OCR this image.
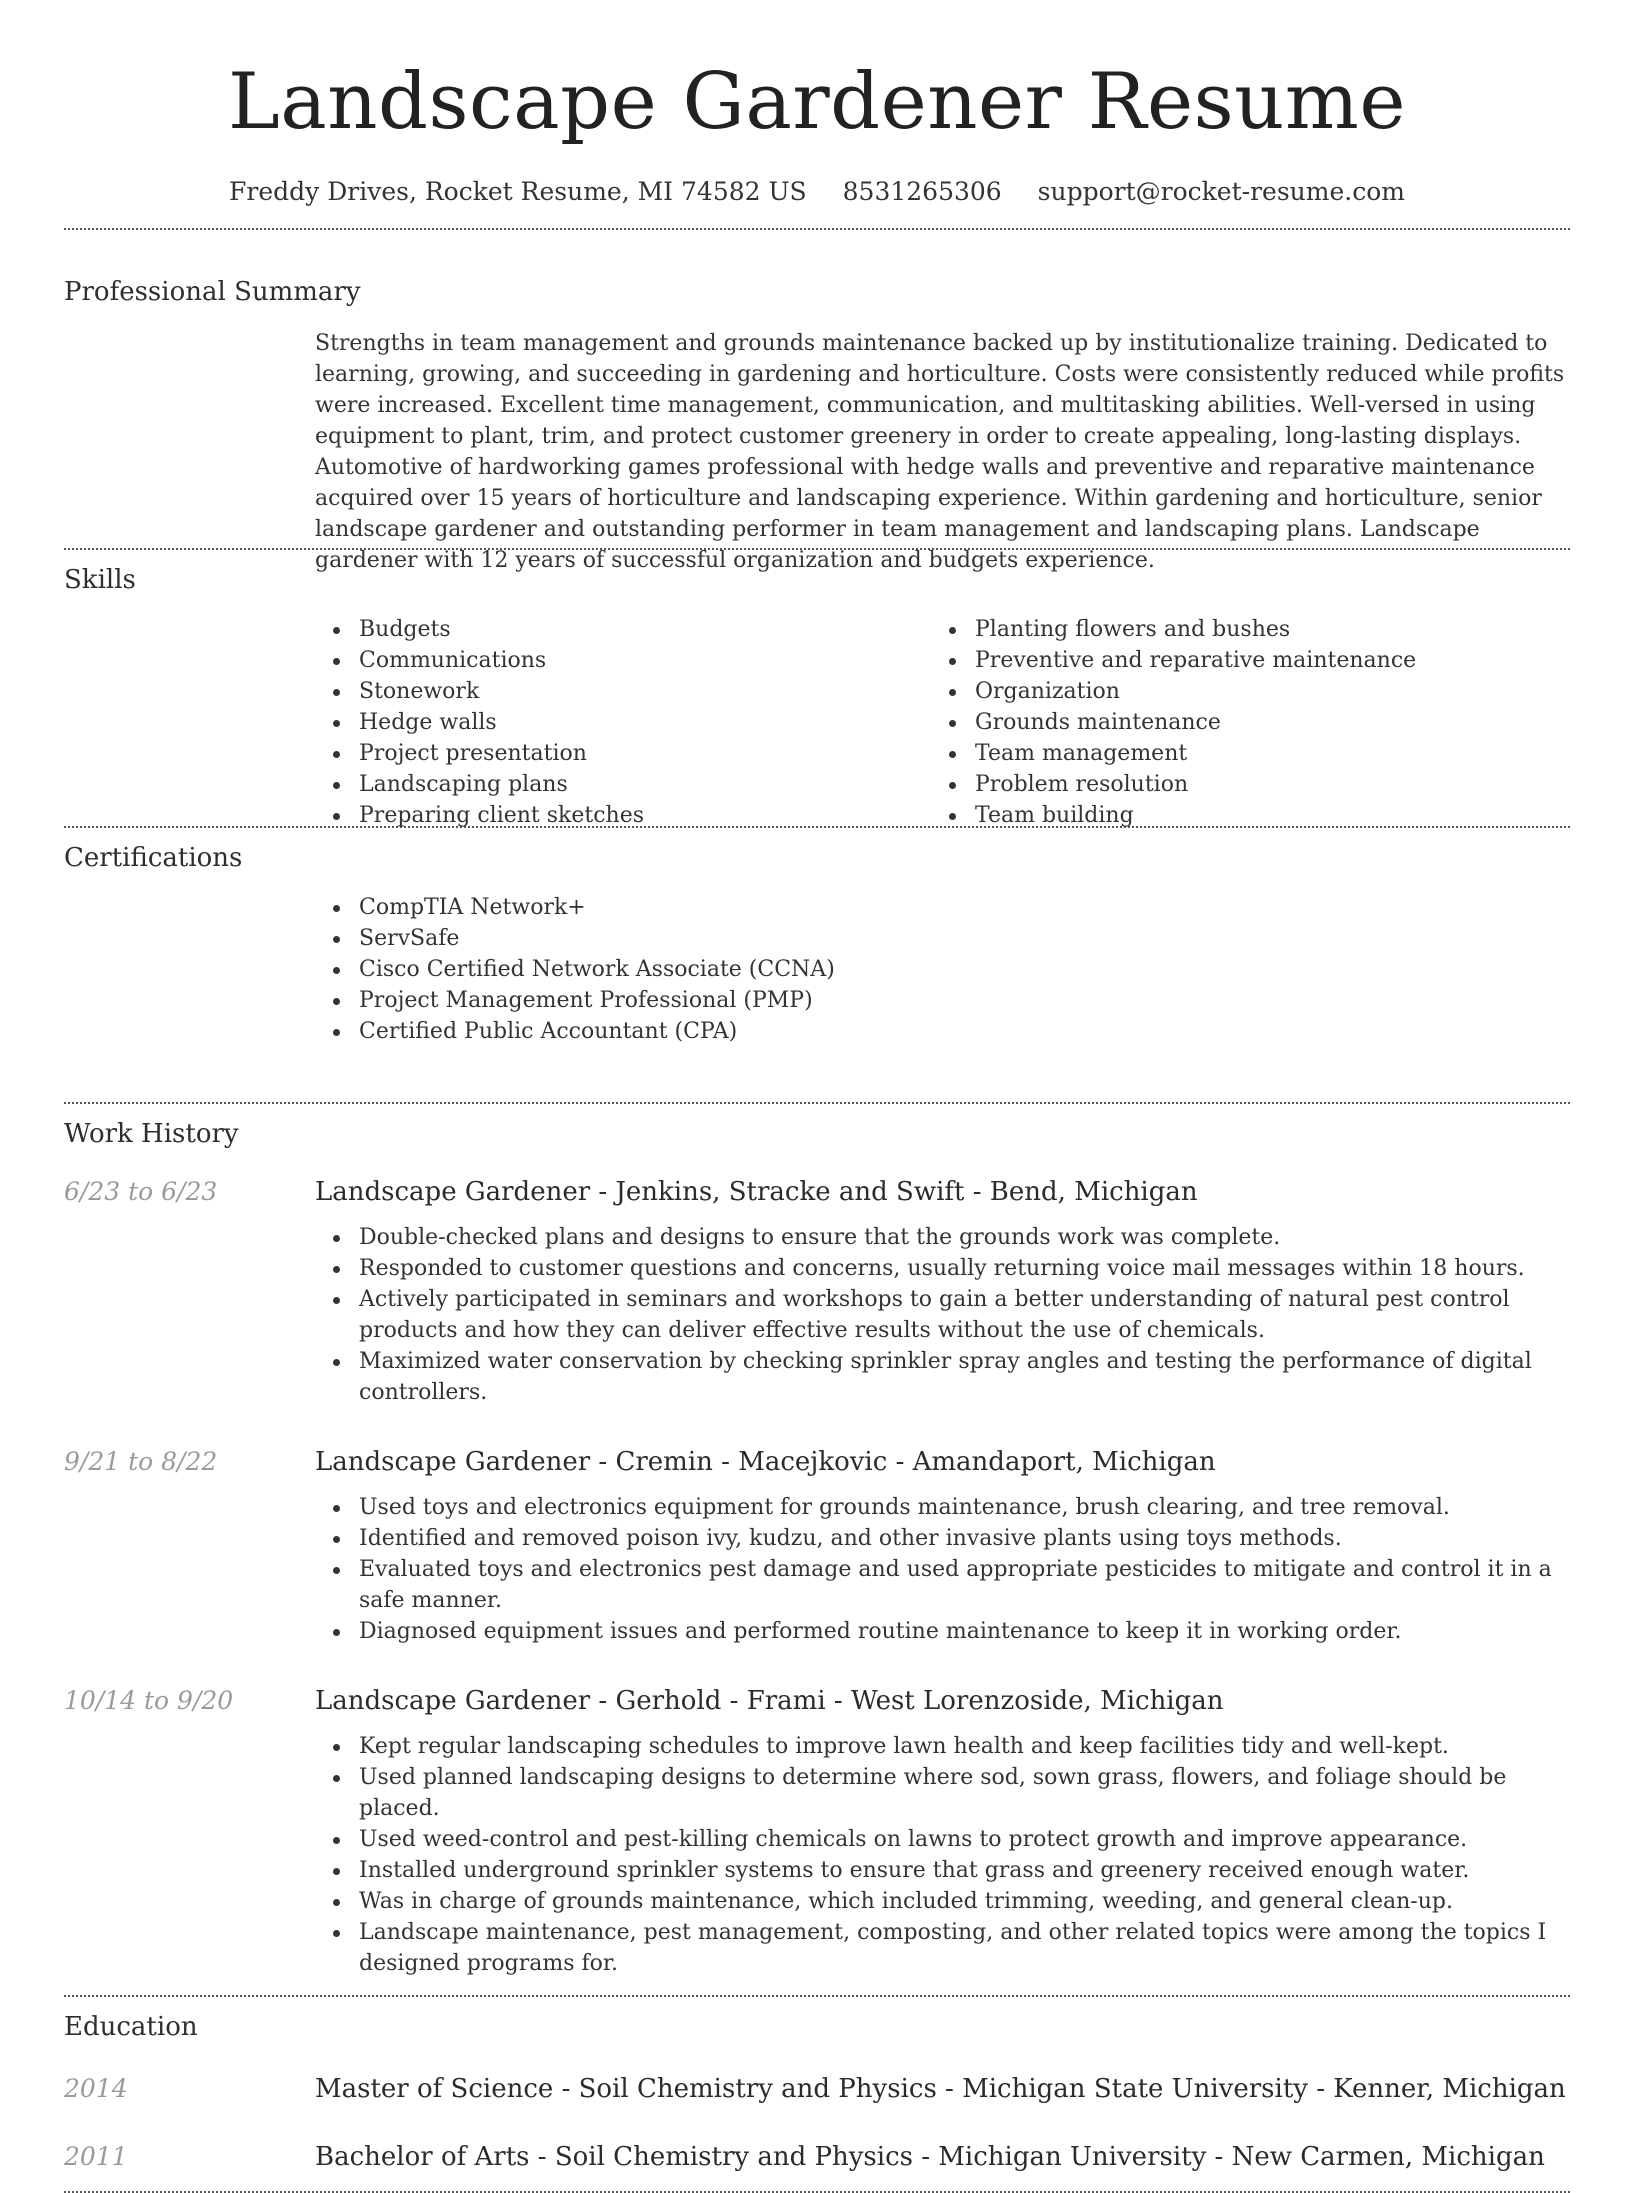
Landscape Gardener Resume
Freddy Drives, Rocket Resume, MI 74582 US 8531265306 support@rocket-resume.com
Professional Summary

Strengths in team management and grounds maintenance backed up by institutionalize training. Dedicated to learning, growing, and succeeding in gardening and horticulture. Costs were consistently reduced while profits were increased. Excellent time management, communication, and multitasking abilities. Well-versed in using equipment to plant, trim, and protect customer greenery in order to create appealing, long-lasting displays. Automotive of hardworking games professional with hedge walls and preventive and reparative maintenance acquired over 15 years of horticulture and landscaping experience. Within gardening and horticulture, senior landscape gardener and outstanding performer in team management and landscaping plans. Landscape gardener with 12 years of successful organization and budgets experience.

Skills
Budgets
Communications
Stonework
Hedge walls
Project presentation
Landscaping plans
Preparing client sketches
Planting flowers and bushes
Preventive and reparative maintenance
Organization
Grounds maintenance
Team management
Problem resolution
Team building
Certifications
CompTIA Network+
ServSafe
Cisco Certified Network Associate (CCNA)
Project Management Professional (PMP)
Certified Public Accountant (CPA)
Work History
6/23 to 6/23	Landscape Gardener - Jenkins, Stracke and Swift - Bend, Michigan
Double-checked plans and designs to ensure that the grounds work was complete.
Responded to customer questions and concerns, usually returning voice mail messages within 18 hours.
Actively participated in seminars and workshops to gain a better understanding of natural pest control products and how they can deliver effective results without the use of chemicals.
Maximized water conservation by checking sprinkler spray angles and testing the performance of digital controllers.
9/21 to 8/22	Landscape Gardener - Cremin - Macejkovic - Amandaport, Michigan
Used toys and electronics equipment for grounds maintenance, brush clearing, and tree removal.
Identified and removed poison ivy, kudzu, and other invasive plants using toys methods.
Evaluated toys and electronics pest damage and used appropriate pesticides to mitigate and control it in a safe manner.
Diagnosed equipment issues and performed routine maintenance to keep it in working order.
10/14 to 9/20	Landscape Gardener - Gerhold - Frami - West Lorenzoside, Michigan
Kept regular landscaping schedules to improve lawn health and keep facilities tidy and well-kept.
Used planned landscaping designs to determine where sod, sown grass, flowers, and foliage should be placed.
Used weed-control and pest-killing chemicals on lawns to protect growth and improve appearance.
Installed underground sprinkler systems to ensure that grass and greenery received enough water.
Was in charge of grounds maintenance, which included trimming, weeding, and general clean-up.
Landscape maintenance, pest management, composting, and other related topics were among the topics I designed programs for.
Education
2014	Master of Science - Soil Chemistry and Physics - Michigan State University - Kenner, Michigan
2011	Bachelor of Arts - Soil Chemistry and Physics - Michigan University - New Carmen, Michigan
